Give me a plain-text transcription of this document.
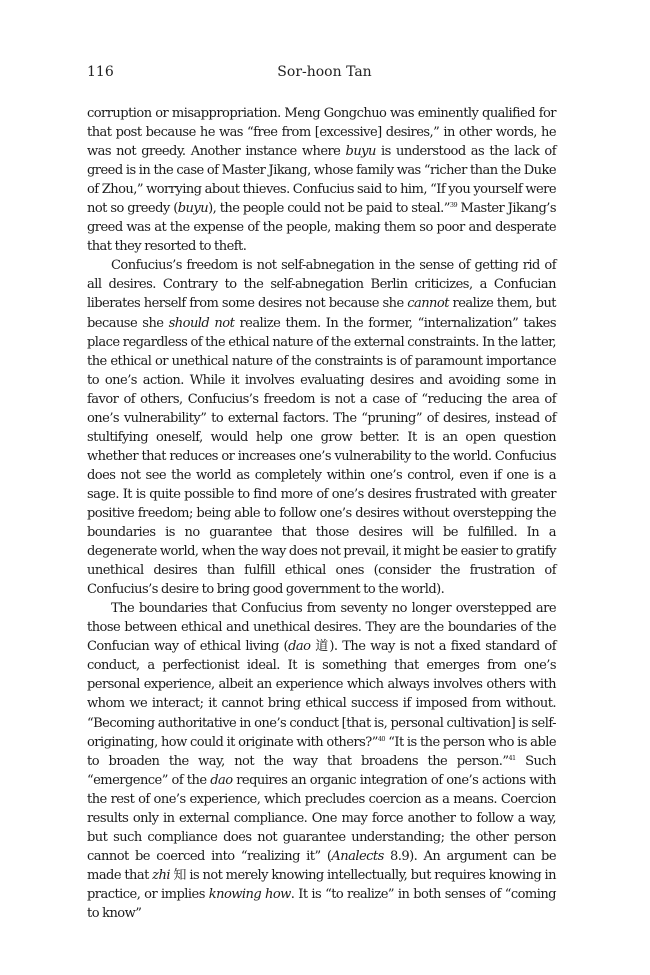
116	Sor-hoon Tan

corruption or misappropriation. Meng Gongchuo was eminently qualified for that post because he was “free from [excessive] desires,” in other words, he was not greedy. Another instance where buyu is understood as the lack of greed is in the case of Master Jikang, whose family was “richer than the Duke of Zhou,” worrying about thieves. Confucius said to him, “If you yourself were not so greedy (buyu), the people could not be paid to steal.”$^{39}$ Master Jikang’s greed was at the expense of the people, making them so poor and desperate that they resorted to theft.

Confucius’s freedom is not self-abnegation in the sense of getting rid of all desires. Contrary to the self-abnegation Berlin criticizes, a Confucian liberates herself from some desires not because she cannot realize them, but because she should not realize them. In the former, “internalization” takes place regardless of the ethical nature of the external constraints. In the latter, the ethical or unethical nature of the constraints is of paramount importance to one’s action. While it involves evaluating desires and avoiding some in favor of others, Confucius’s freedom is not a case of “reducing the area of one’s vulnerability” to external factors. The “pruning” of desires, instead of stultifying oneself, would help one grow better. It is an open question whether that reduces or increases one’s vulnerability to the world. Confucius does not see the world as completely within one’s control, even if one is a sage. It is quite possible to find more of one’s desires frustrated with greater positive freedom; being able to follow one’s desires without overstepping the boundaries is no guarantee that those desires will be fulfilled. In a degenerate world, when the way does not prevail, it might be easier to gratify unethical desires than fulfill ethical ones (consider the frustration of Confucius’s desire to bring good government to the world).

The boundaries that Confucius from seventy no longer overstepped are those between ethical and unethical desires. They are the boundaries of the Confucian way of ethical living (dao 道). The way is not a fixed standard of conduct, a perfectionist ideal. It is something that emerges from one’s personal experience, albeit an experience which always involves others with whom we interact; it cannot bring ethical success if imposed from without. “Becoming authoritative in one’s conduct [that is, personal cultivation] is self-originating, how could it originate with others?”$^{40}$ “It is the person who is able to broaden the way, not the way that broadens the person.”$^{41}$ Such “emergence” of the dao requires an organic integration of one’s actions with the rest of one’s experience, which precludes coercion as a means. Coercion results only in external compliance. One may force another to follow a way, but such compliance does not guarantee understanding; the other person cannot be coerced into “realizing it” (Analects 8.9). An argument can be made that zhi 知 is not merely knowing intellectually, but requires knowing in practice, or implies knowing how. It is “to realize” in both senses of “coming to know”
